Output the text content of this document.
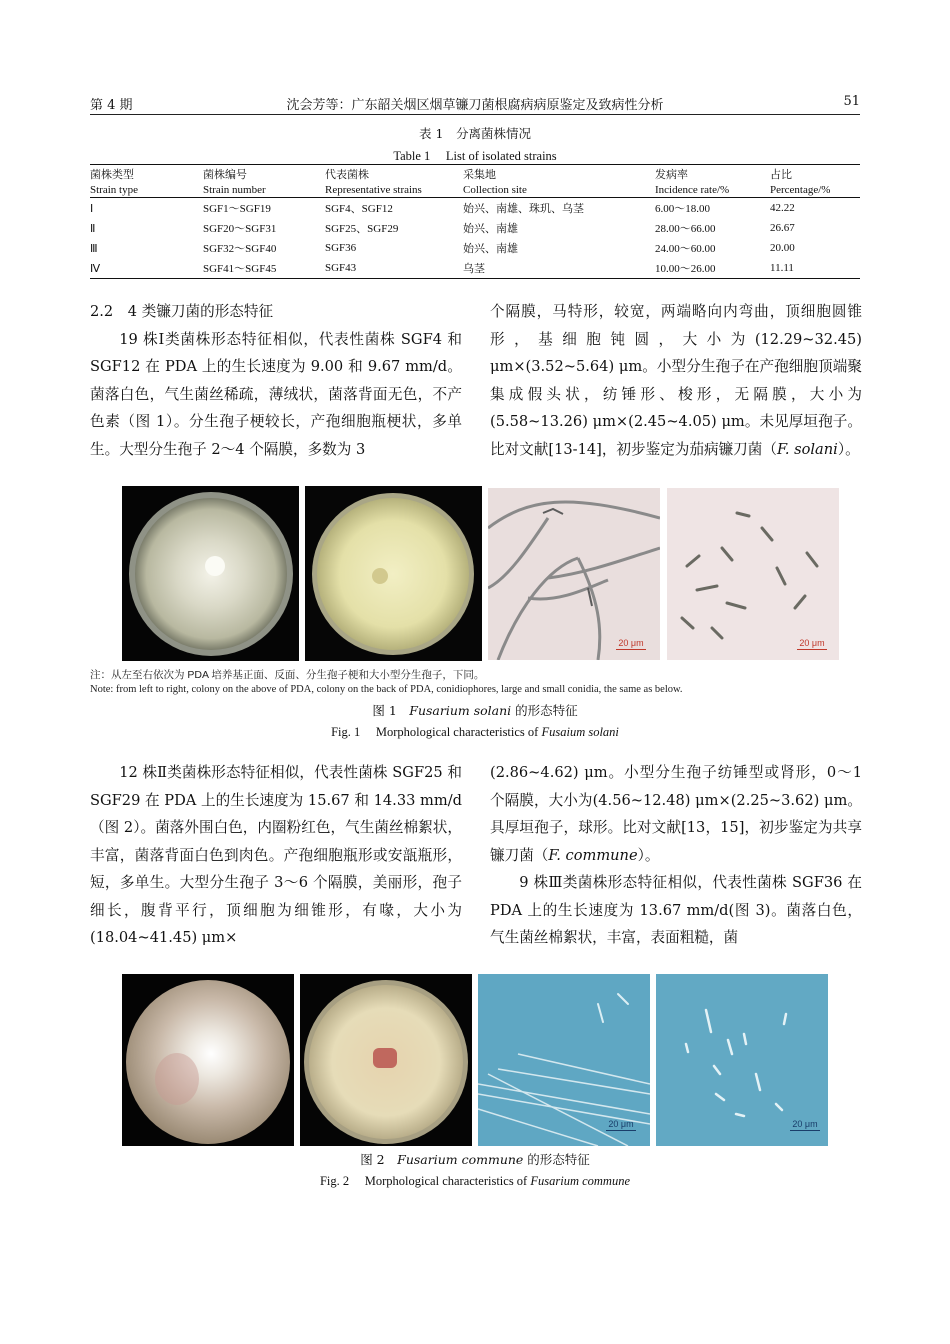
第 4 期	沈会芳等：广东韶关烟区烟草镰刀菌根腐病病原鉴定及致病性分析	51
表 1　分离菌株情况
Table 1　 List of isolated strains
菌株类型	菌株编号	代表菌株	采集地	发病率	占比
Strain type	Strain number	Representative strains	Collection site	Incidence rate/%	Percentage/%
Ⅰ	SGF1～SGF19	SGF4、SGF12	始兴、南雄、珠玑、乌茎	6.00～18.00	42.22
Ⅱ	SGF20～SGF31	SGF25、SGF29	始兴、南雄	28.00～66.00	26.67
Ⅲ	SGF32～SGF40	SGF36	始兴、南雄	24.00～60.00	20.00
Ⅳ	SGF41～SGF45	SGF43	乌茎	10.00～26.00	11.11

2.2　4 类镰刀菌的形态特征

19 株Ⅰ类菌株形态特征相似，代表性菌株 SGF4 和 SGF12 在 PDA 上的生长速度为 9.00 和 9.67 mm/d。菌落白色，气生菌丝稀疏，薄绒状，菌落背面无色，不产色素（图 1）。分生孢子梗较长，产孢细胞瓶梗状，多单生。大型分生孢子 2～4 个隔膜，多数为 3

个隔膜，马特形，较宽，两端略向内弯曲，顶细胞圆锥形，基细胞钝圆，大小为(12.29~32.45) μm×(3.52~5.64) μm。小型分生孢子在产孢细胞顶端聚集成假头状，纺锤形、梭形，无隔膜，大小为(5.58~13.26) μm×(2.45~4.05) μm。未见厚垣孢子。比对文献[13-14]，初步鉴定为茄病镰刀菌（F. solani）。

20 μm	20 μm
注：从左至右依次为 PDA 培养基正面、反面、分生孢子梗和大小型分生孢子，下同。
Note: from left to right, colony on the above of PDA, colony on the back of PDA, conidiophores, large and small conidia, the same as below.
图 1　Fusarium solani 的形态特征
Fig. 1　 Morphological characteristics of Fusaium solani

12 株Ⅱ类菌株形态特征相似，代表性菌株 SGF25 和 SGF29 在 PDA 上的生长速度为 15.67 和 14.33 mm/d（图 2）。菌落外围白色，内圈粉红色，气生菌丝棉絮状，丰富，菌落背面白色到肉色。产孢细胞瓶形或安瓿瓶形，短，多单生。大型分生孢子 3～6 个隔膜，美丽形，孢子细长，腹背平行，顶细胞为细锥形，有喙，大小为(18.04~41.45) μm×

(2.86~4.62) μm。小型分生孢子纺锤型或肾形，0～1 个隔膜，大小为(4.56~12.48) μm×(2.25~3.62) μm。具厚垣孢子，球形。比对文献[13，15]，初步鉴定为共享镰刀菌（F. commune）。

9 株Ⅲ类菌株形态特征相似，代表性菌株 SGF36 在 PDA 上的生长速度为 13.67 mm/d(图 3)。菌落白色，气生菌丝棉絮状，丰富，表面粗糙，菌

20 μm	20 μm
图 2　Fusarium commune 的形态特征
Fig. 2　 Morphological characteristics of Fusarium commune
